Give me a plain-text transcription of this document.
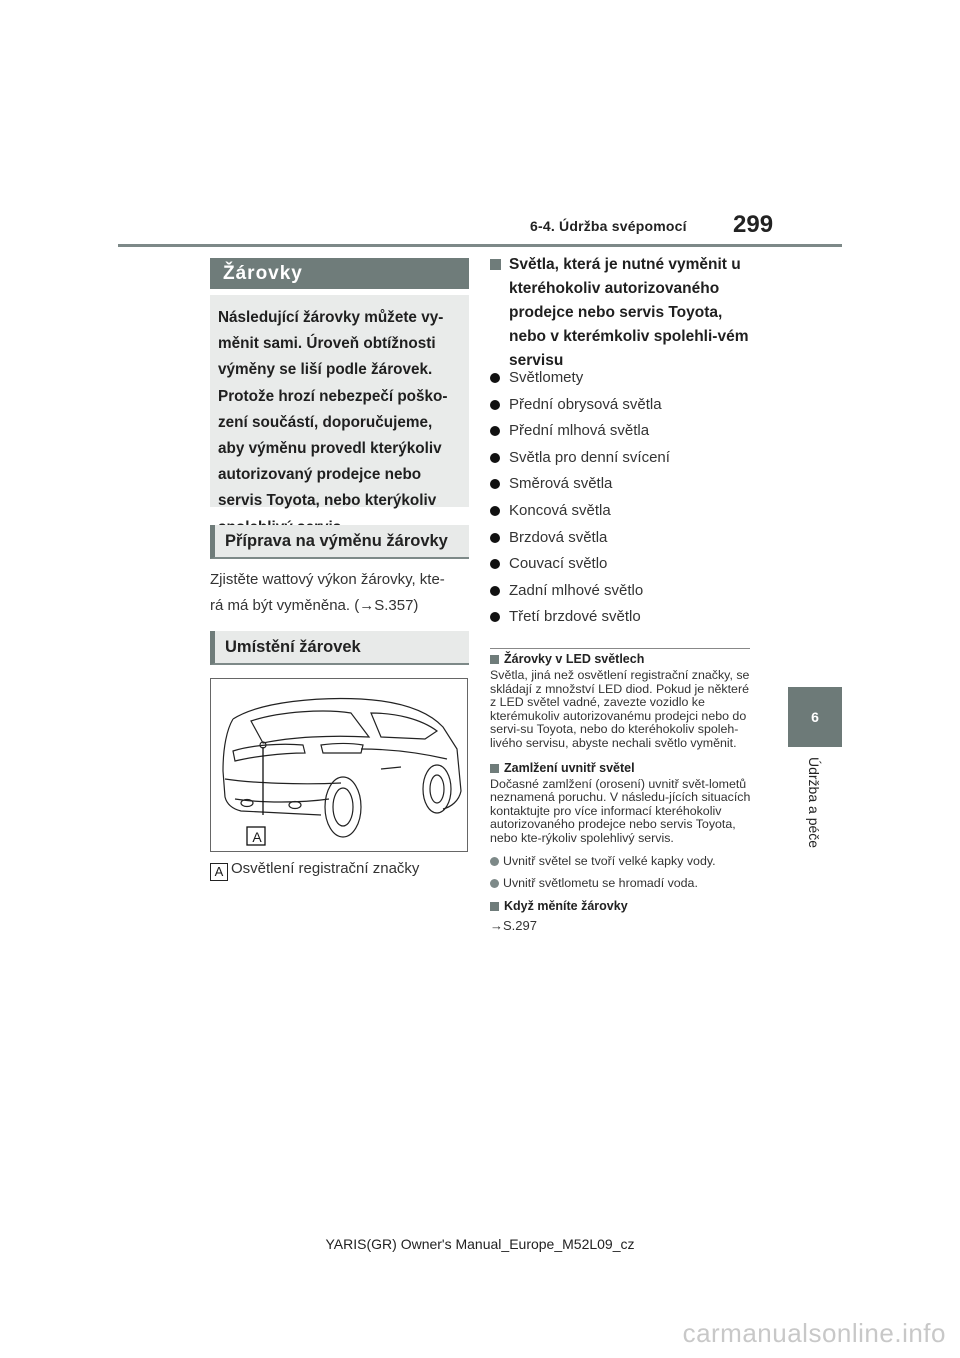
6-4. Údržba svépomocí 299
6
Údržba a péče
Žárovky
Následující žárovky můžete vy-měnit sami. Úroveň obtížnosti výměny se liší podle žárovek. Protože hrozí nebezpečí poško-zení součástí, doporučujeme, aby výměnu provedl kterýkoliv autorizovaný prodejce nebo servis Toyota, nebo kterýkoliv
Příprava na výměnu žárovky
Zjistěte wattový výkon žárovky, kte-
rá má být vyměněna. (→S.357)
Umístění žárovek
A
A Osvětlení registrační značky
Světla, která je nutné vyměnit u kteréhokoliv autorizovaného prodejce nebo servis Toyota, nebo v kterémkoliv spolehli-vém servisu
Světlomety
Přední obrysová světla
Přední mlhová světla
Světla pro denní svícení
Směrová světla
Koncová světla
Brzdová světla
Couvací světlo
Zadní mlhové světlo
Třetí brzdové světlo
Žárovky v LED světlech
Světla, jiná než osvětlení registrační značky, se skládají z množství LED diod. Pokud je některé z LED světel vadné, zavezte vozidlo ke kterémukoliv autorizovanému prodejci nebo do servi-su Toyota, nebo do kteréhokoliv spoleh-livého servisu, abyste nechali světlo vyměnit.
Zamlžení uvnitř světel
Dočasné zamlžení (orosení) uvnitř svět-lometů neznamená poruchu. V následu-jících situacích kontaktujte pro více informací kteréhokoliv autorizovaného prodejce nebo servis Toyota, nebo kte-rýkoliv spolehlivý servis.
Uvnitř světel se tvoří velké kapky vody.
Uvnitř světlometu se hromadí voda.
Když měníte žárovky
→S.297
YARIS(GR) Owner's Manual_Europe_M52L09_cz
carmanualsonline.info
